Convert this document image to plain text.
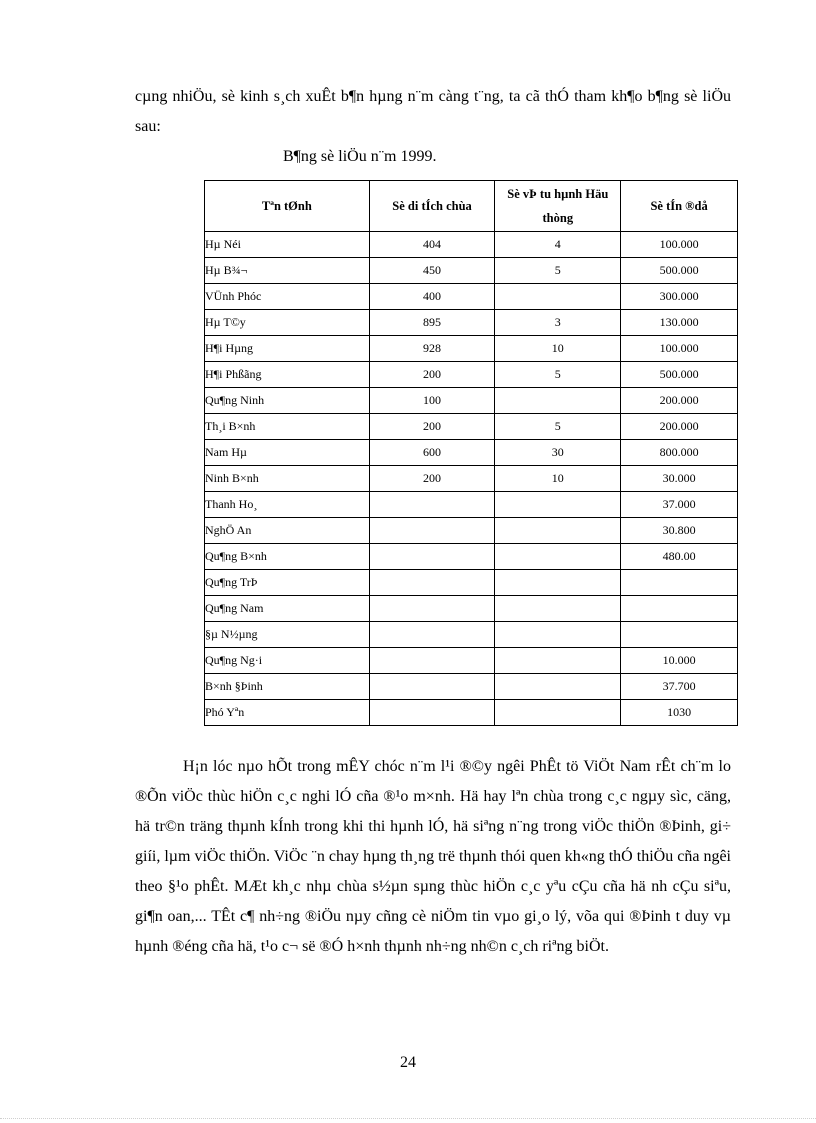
cµng nhiÖu, sè kinh s¸ch xuÊt b¶n hµng n¨m càng t¨ng, ta cã thÓ tham kh¶o b¶ng sè liÖu sau:

B¶ng sè liÖu n¨m 1999.
Tªn tØnh	Sè di tÍch chùa	Sè vÞ tu hµnh Häu thòng	Sè tÍn ®då
Hµ Néi	404	4	100.000
Hµ B¾¬	450	5	500.000
VÜnh Phóc	400		300.000
Hµ T©y	895	3	130.000
H¶i Hµng	928	10	100.000
H¶i Phßãng	200	5	500.000
Qu¶ng Ninh	100		200.000
Th¸i B×nh	200	5	200.000
Nam Hµ	600	30	800.000
Ninh B×nh	200	10	30.000
Thanh Ho¸			37.000
NghÖ An			30.800
Qu¶ng B×nh			480.00
Qu¶ng TrÞ			
Qu¶ng Nam			
§µ N½µng			
Qu¶ng Ng·i			10.000
B×nh §Þinh			37.700
Phó Yªn			1030

H¡n lóc nµo hÕt trong mÊY chóc n¨m l¹i ®©y ngêi PhÊt tö ViÖt Nam rÊt ch¨m lo ®Õn viÖc thùc hiÖn c¸c nghi lÓ cña ®¹o m×nh. Hä hay lªn chùa trong c¸c ngµy sìc, cäng, hä tr©n träng thµnh kÍnh trong khi thi hµnh lÓ, hä siªng n¨ng trong viÖc thiÖn ®Þinh, gi÷ giíi, lµm viÖc thiÖn. ViÖc ¨n chay hµng th¸ng trë thµnh thói quen kh«ng thÓ thiÖu cña ngêi theo §¹o phÊt. MÆt kh¸c nhµ chùa s½µn sµng thùc hiÖn c¸c yªu cÇu cña hä nh cÇu siªu, gi¶n oan,... TÊt c¶ nh÷ng ®iÖu nµy cñng cè niÖm tin vµo gi¸o lý, võa qui ®Þinh t duy vµ hµnh ®éng cña hä, t¹o c¬ së ®Ó h×nh thµnh nh÷ng nh©n c¸ch riªng biÖt.

24
